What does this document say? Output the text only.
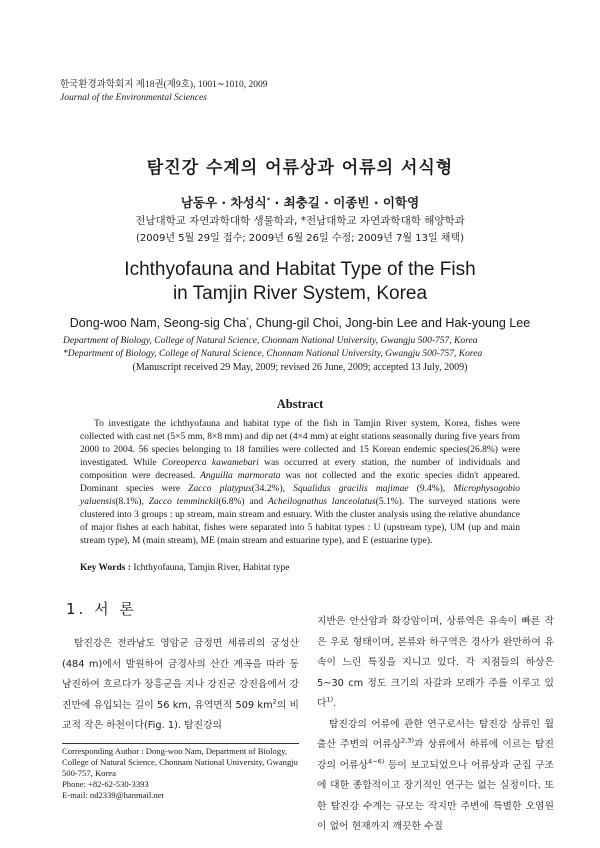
한국환경과학회지 제18권(제9호), 1001∼1010, 2009
Journal of the Environmental Sciences
탐진강 수계의 어류상과 어류의 서식형
남동우 · 차성식* · 최충길 · 이종빈 · 이학영
전남대학교 자연과학대학 생물학과, *전남대학교 자연과학대학 해양학과
(2009년 5월 29일 접수; 2009년 6월 26일 수정; 2009년 7월 13일 채택)
Ichthyofauna and Habitat Type of the Fish
in Tamjin River System, Korea
Dong-woo Nam, Seong-sig Cha*, Chung-gil Choi, Jong-bin Lee and Hak-young Lee
Department of Biology, College of Natural Science, Chonnam National University, Gwangju 500-757, Korea
*Department of Biology, College of Natural Science, Chonnam National University, Gwangju 500-757, Korea
(Manuscript received 29 May, 2009; revised 26 June, 2009; accepted 13 July, 2009)
Abstract
To investigate the ichthyofauna and habitat type of the fish in Tamjin River system, Korea, fishes were collected with cast net (5×5 mm, 8×8 mm) and dip net (4×4 mm) at eight stations seasonally during five years from 2000 to 2004. 56 species belonging to 18 families were collected and 15 Korean endemic species(26.8%) were investigated. While Coreoperca kawamebari was occurred at every station, the number of individuals and composition were decreased. Anguilla marmorata was not collected and the exotic species didn't appeared. Dominant species were Zacco platypus(34.2%), Squalidus gracilis majimae (9.4%), Microphysogobio yaluensis(8.1%), Zacco temminckii(6.8%) and Acheilognathus lanceolatus(5.1%). The surveyed stations were clustered into 3 groups : up stream, main stream and estuary. With the cluster analysis using the relative abundance of major fishes at each habitat, fishes were separated into 5 habitat types : U (upstream type), UM (up and main stream type), M (main stream), ME (main stream and estuarine type), and E (estuarine type).
Key Words : Ichthyofauna, Tamjin River, Habitat type
1. 서 론

탐진강은 전라남도 영암군 금정면 세류리의 궁성산(484 m)에서 발원하여 금경사의 산간 계곡을 따라 동남진하여 흐르다가 장흥군을 지나 강진군 강진읍에서 강진만에 유입되는 길이 56 km, 유역면적 509 $km^2$의 비교적 작은 하천이다(Fig. 1). 탐진강의

지반은 안산암과 화강암이며, 상류역은 유속이 빠른 작은 우로 형태이며, 본류와 하구역은 경사가 완만하여 유속이 느린 특징을 지니고 있다. 각 지점들의 하상은 5~30 cm 정도 크기의 자갈과 모래가 주를 이루고 있다$^{1)}$.

탐진강의 어류에 관한 연구로서는 탐진강 상류인 월출산 주변의 어류상$^{2,3)}$과 상류에서 하류에 이르는 탐진강의 어류상$^{4\sim 6)}$ 등이 보고되었으나 어류상과 군집 구조에 대한 종합적이고 장기적인 연구는 없는 실정이다. 또한 탐진강 수계는 규모는 작지만 주변에 특별한 오염원이 없어 현재까지 깨끗한 수질

Corresponding Author : Dong-woo Nam, Department of Biology, College of Natural Science, Chonnam National University, Gwangju 500-757, Korea
Phone: +82-62-530-3393
E-mail: nd2339@hanmail.net
